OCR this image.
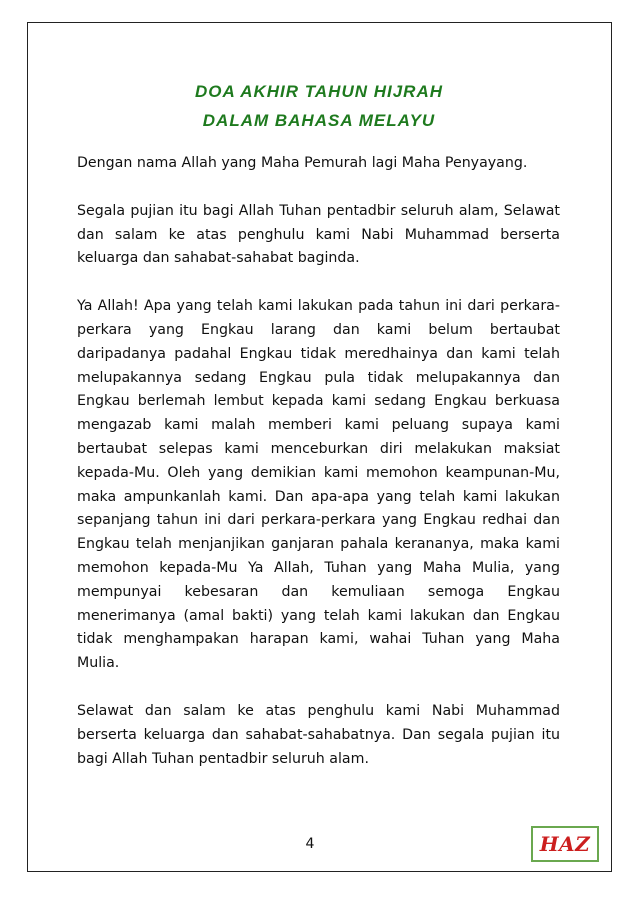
DOA AKHIR TAHUN HIJRAH
DALAM BAHASA MELAYU

Dengan nama Allah yang Maha Pemurah lagi Maha Penyayang.

Segala pujian itu bagi Allah Tuhan pentadbir seluruh alam, Selawat dan salam ke atas penghulu kami Nabi Muhammad berserta keluarga dan sahabat-sahabat baginda.

Ya Allah! Apa yang telah kami lakukan pada tahun ini dari perkara-perkara yang Engkau larang dan kami belum bertaubat daripadanya padahal Engkau tidak meredhainya dan kami telah melupakannya sedang Engkau pula tidak melupakannya dan Engkau berlemah lembut kepada kami sedang Engkau berkuasa mengazab kami malah memberi kami peluang supaya kami bertaubat selepas kami menceburkan diri melakukan maksiat kepada-Mu. Oleh yang demikian kami memohon keampunan-Mu, maka ampunkanlah kami. Dan apa-apa yang telah kami lakukan sepanjang tahun ini dari perkara-perkara yang Engkau redhai dan Engkau telah menjanjikan ganjaran pahala kerananya, maka kami memohon kepada-Mu Ya Allah, Tuhan yang Maha Mulia, yang mempunyai kebesaran dan kemuliaan semoga Engkau menerimanya (amal bakti) yang telah kami lakukan dan Engkau tidak menghampakan harapan kami, wahai Tuhan yang Maha Mulia.

Selawat dan salam ke atas penghulu kami Nabi Muhammad berserta keluarga dan sahabat-sahabatnya. Dan segala pujian itu bagi Allah Tuhan pentadbir seluruh alam.

4	HAZ
